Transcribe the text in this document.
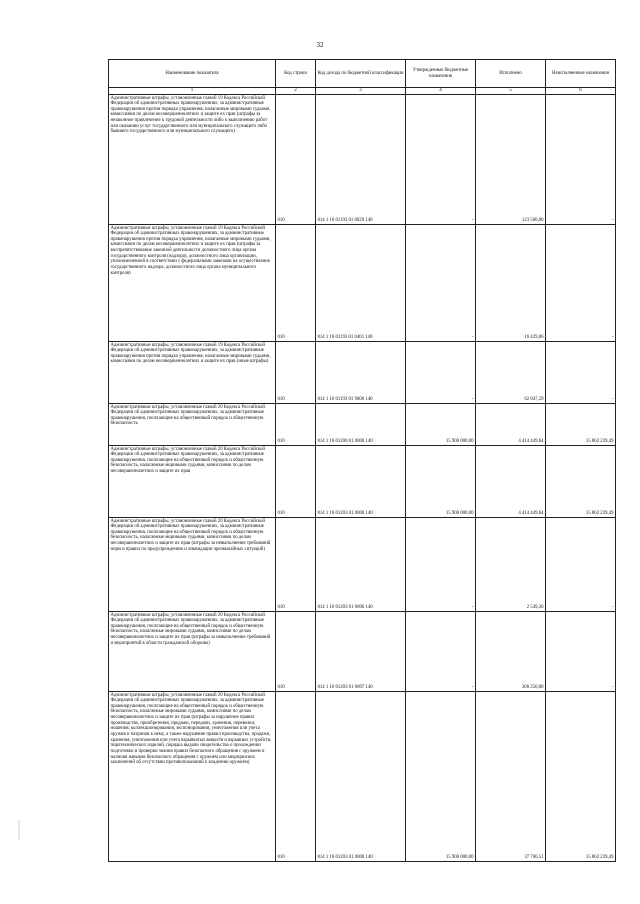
32
Наименование показателя	Код строки	Код дохода по бюджетной классификации	Утвержденные бюджетные назначения	Исполнено	Неисполненные назначения
1	2	3	4	5	6
Административные штрафы, установленные главой 19 Кодекса Российской Федерации об административных правонарушениях, за административные правонарушения против порядка управления, налагаемые мировыми судьями, комиссиями по делам несовершеннолетних и защите их прав (штрафы за незаконное привлечение к трудовой деятельности либо к выполнению работ или оказанию услуг государственного или муниципального служащего либо бывшего государственного или муниципального служащего)	010	814 1 16 01193 01 0029 140	-	123 500,00	-
Административные штрафы, установленные главой 19 Кодекса Российской Федерации об административных правонарушениях, за административные правонарушения против порядка управления, налагаемые мировыми судьями, комиссиями по делам несовершеннолетних и защите их прав (штрафы за воспрепятствование законной деятельности должностного лица органа государственного контроля (надзора), должностного лица организации, уполномоченной в соответствии с федеральными законами на осуществление государственного надзора, должностного лица органа муниципального контроля)	010	814 1 16 01193 01 0401 140	-	16 429,06	-
Административные штрафы, установленные главой 19 Кодекса Российской Федерации об административных правонарушениях, за административные правонарушения против порядка управления, налагаемые мировыми судьями, комиссиями по делам несовершеннолетних и защите их прав (иные штрафы)	010	814 1 16 01193 01 9000 140	-	62 047,29	-
Административные штрафы, установленные главой 20 Кодекса Российской Федерации об административных правонарушениях, за административные правонарушения, посягающие на общественный порядок и общественную безопасность	010	814 1 16 01200 01 0000 140	15 900 000,00	4 414 449,64	15 862 239,49
Административные штрафы, установленные главой 20 Кодекса Российской Федерации об административных правонарушениях, за административные правонарушения, посягающие на общественный порядок и общественную безопасность, налагаемые мировыми судьями, комиссиями по делам несовершеннолетних и защите их прав	010	814 1 16 01203 01 0000 140	15 900 000,00	4 414 449,64	15 862 239,49
Административные штрафы, установленные главой 20 Кодекса Российской Федерации об административных правонарушениях, за административные правонарушения, посягающие на общественный порядок и общественную безопасность, налагаемые мировыми судьями, комиссиями по делам несовершеннолетних и защите их прав (штрафы за невыполнение требований норм и правил по предупреждению и ликвидации чрезвычайных ситуаций)	010	814 1 16 01203 01 0006 140	-	2 549,26	-
Административные штрафы, установленные главой 20 Кодекса Российской Федерации об административных правонарушениях, за административные правонарушения, посягающие на общественный порядок и общественную безопасность, налагаемые мировыми судьями, комиссиями по делам несовершеннолетних и защите их прав (штрафы за невыполнение требований и мероприятий в области гражданской обороны)	010	814 1 16 01203 01 0007 140	-	306 250,00	-
Административные штрафы, установленные главой 20 Кодекса Российской Федерации об административных правонарушениях, за административные правонарушения, посягающие на общественный порядок и общественную безопасность, налагаемые мировыми судьями, комиссиями по делам несовершеннолетних и защите их прав (штрафы за нарушение правил производства, приобретения, продажи, передачи, хранения, перевозки, ношения, коллекционирования, экспонирования, уничтожения или учета оружия и патронов к нему, а также нарушение правил производства, продажи, хранения, уничтожения или учета взрывчатых веществ и взрывных устройств, пиротехнических изделий, порядка выдачи свидетельства о прохождении подготовки и проверки знания правил безопасного обращения с оружием и наличия навыков безопасного обращения с оружием или медицинских заключений об отсутствии противопоказаний к владению оружием)	010	814 1 16 01203 01 0008 140	15 900 000,00	37 760,51	15 862 239,49
